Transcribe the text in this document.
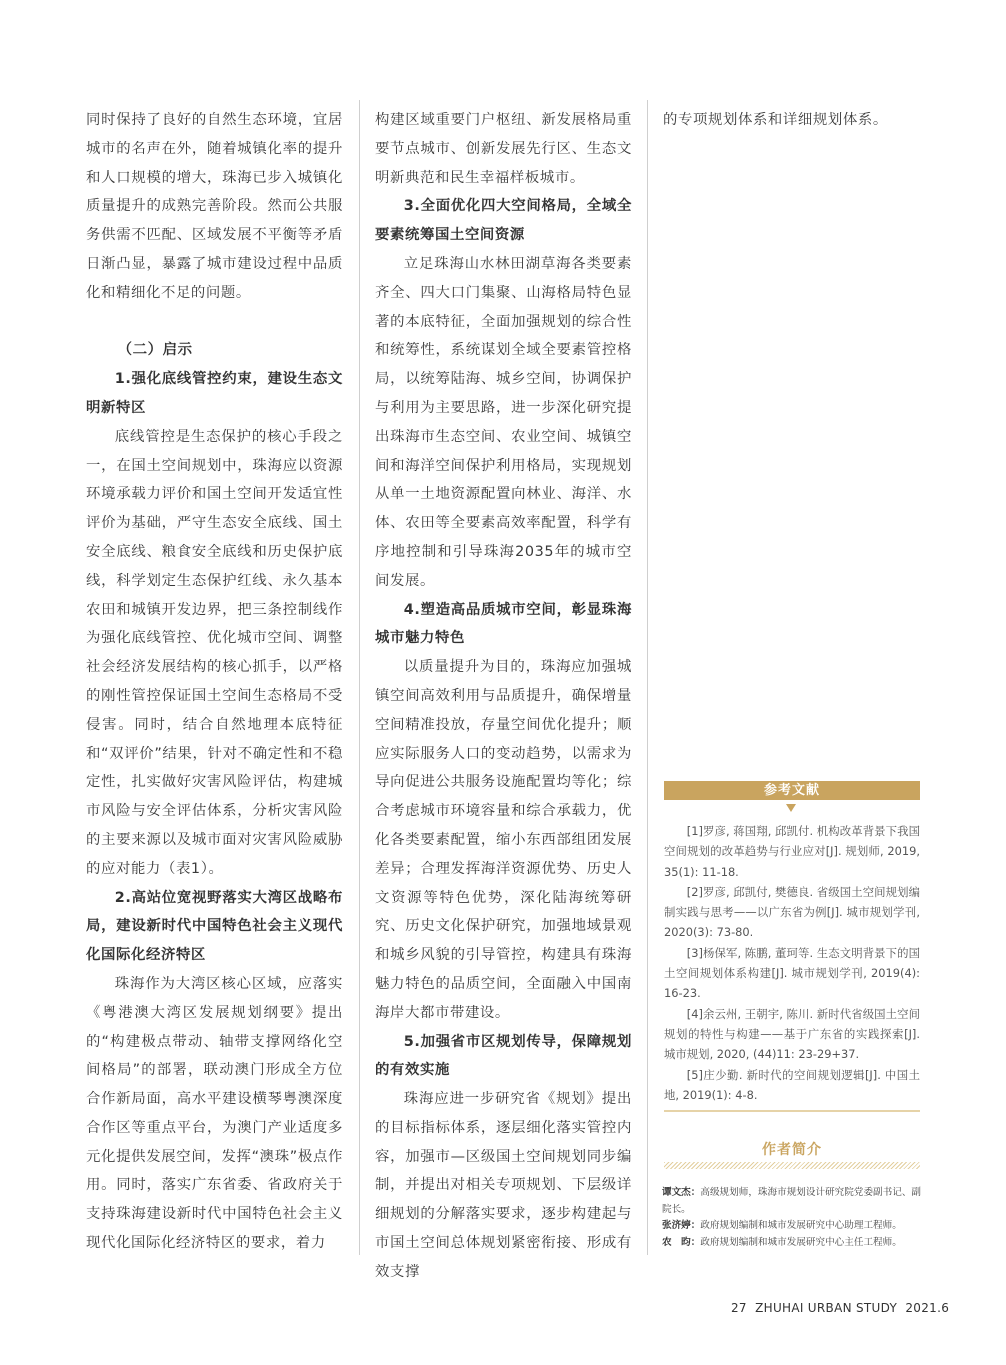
同时保持了良好的自然生态环境，宜居城市的名声在外，随着城镇化率的提升和人口规模的增大，珠海已步入城镇化质量提升的成熟完善阶段。然而公共服务供需不匹配、区域发展不平衡等矛盾日渐凸显，暴露了城市建设过程中品质化和精细化不足的问题。

（二）启示
1.强化底线管控约束，建设生态文明新特区

底线管控是生态保护的核心手段之一，在国土空间规划中，珠海应以资源环境承载力评价和国土空间开发适宜性评价为基础，严守生态安全底线、国土安全底线、粮食安全底线和历史保护底线，科学划定生态保护红线、永久基本农田和城镇开发边界，把三条控制线作为强化底线管控、优化城市空间、调整社会经济发展结构的核心抓手，以严格的刚性管控保证国土空间生态格局不受侵害。同时，结合自然地理本底特征和“双评价”结果，针对不确定性和不稳定性，扎实做好灾害风险评估，构建城市风险与安全评估体系，分析灾害风险的主要来源以及城市面对灾害风险威胁的应对能力（表1）。

2.高站位宽视野落实大湾区战略布局，建设新时代中国特色社会主义现代化国际化经济特区

珠海作为大湾区核心区域，应落实《粤港澳大湾区发展规划纲要》提出的“构建极点带动、轴带支撑网络化空间格局”的部署，联动澳门形成全方位合作新局面，高水平建设横琴粤澳深度合作区等重点平台，为澳门产业适度多元化提供发展空间，发挥“澳珠”极点作用。同时，落实广东省委、省政府关于支持珠海建设新时代中国特色社会主义现代化国际化经济特区的要求，着力

构建区域重要门户枢纽、新发展格局重要节点城市、创新发展先行区、生态文明新典范和民生幸福样板城市。

3.全面优化四大空间格局，全域全要素统筹国土空间资源

立足珠海山水林田湖草海各类要素齐全、四大口门集聚、山海格局特色显著的本底特征，全面加强规划的综合性和统筹性，系统谋划全域全要素管控格局，以统筹陆海、城乡空间，协调保护与利用为主要思路，进一步深化研究提出珠海市生态空间、农业空间、城镇空间和海洋空间保护利用格局，实现规划从单一土地资源配置向林业、海洋、水体、农田等全要素高效率配置，科学有序地控制和引导珠海2035年的城市空间发展。

4.塑造高品质城市空间，彰显珠海城市魅力特色

以质量提升为目的，珠海应加强城镇空间高效利用与品质提升，确保增量空间精准投放，存量空间优化提升；顺应实际服务人口的变动趋势，以需求为导向促进公共服务设施配置均等化；综合考虑城市环境容量和综合承载力，优化各类要素配置，缩小东西部组团发展差异；合理发挥海洋资源优势、历史人文资源等特色优势，深化陆海统筹研究、历史文化保护研究，加强地域景观和城乡风貌的引导管控，构建具有珠海魅力特色的品质空间，全面融入中国南海岸大都市带建设。

5.加强省市区规划传导，保障规划的有效实施

珠海应进一步研究省《规划》提出的目标指标体系，逐层细化落实管控内容，加强市—区级国土空间规划同步编制，并提出对相关专项规划、下层级详细规划的分解落实要求，逐步构建起与市国土空间总体规划紧密衔接、形成有效支撑

的专项规划体系和详细规划体系。

参考文献

[1]罗彦, 蒋国翔, 邱凯付. 机构改革背景下我国空间规划的改革趋势与行业应对[J]. 规划师, 2019, 35(1): 11-18.

[2]罗彦, 邱凯付, 樊德良. 省级国土空间规划编制实践与思考——以广东省为例[J]. 城市规划学刊, 2020(3): 73-80.

[3]杨保军, 陈鹏, 董珂等. 生态文明背景下的国土空间规划体系构建[J]. 城市规划学刊, 2019(4): 16-23.

[4]余云州, 王朝宇, 陈川. 新时代省级国土空间规划的特性与构建——基于广东省的实践探索[J]. 城市规划, 2020, (44)11: 23-29+37.

[5]庄少勤. 新时代的空间规划逻辑[J]. 中国土地, 2019(1): 4-8.

作者简介
谭文杰：高级规划师，珠海市规划设计研究院党委副书记、副院长。
张济婷：政府规划编制和城市发展研究中心助理工程师。
农　昀：政府规划编制和城市发展研究中心主任工程师。
27  ZHUHAI URBAN STUDY  2021.6
